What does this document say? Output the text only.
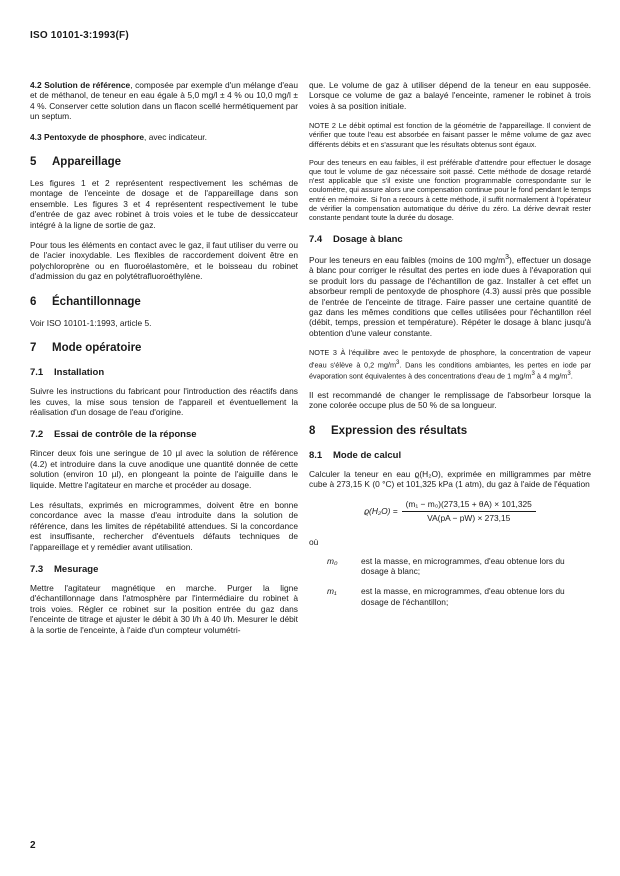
ISO 10101-3:1993(F)

4.2 Solution de référence, composée par exemple d'un mélange d'eau et de méthanol, de teneur en eau égale à 5,0 mg/l ± 4 % ou 10,0 mg/l ± 4 %. Conserver cette solution dans un flacon scellé hermétiquement par un septum.

4.3 Pentoxyde de phosphore, avec indicateur.

5 Appareillage

Les figures 1 et 2 représentent respectivement les schémas de montage de l'enceinte de dosage et de l'appareillage dans son ensemble. Les figures 3 et 4 représentent respectivement le tube d'entrée de gaz avec robinet à trois voies et le tube de dessiccateur intégré à la ligne de sortie de gaz.

Pour tous les éléments en contact avec le gaz, il faut utiliser du verre ou de l'acier inoxydable. Les flexibles de raccordement doivent être en polychloroprène ou en fluoroélastomère, et le boisseau du robinet d'admission du gaz en polytétrafluoroéthylène.

6 Échantillonnage

Voir ISO 10101-1:1993, article 5.

7 Mode opératoire
7.1 Installation

Suivre les instructions du fabricant pour l'introduction des réactifs dans les cuves, la mise sous tension de l'appareil et éventuellement la réalisation d'un dosage de l'eau d'origine.

7.2 Essai de contrôle de la réponse

Rincer deux fois une seringue de 10 µl avec la solution de référence (4.2) et introduire dans la cuve anodique une quantité donnée de cette solution (environ 10 µl), en plongeant la pointe de l'aiguille dans le liquide. Mettre l'agitateur en marche et procéder au dosage.

Les résultats, exprimés en microgrammes, doivent être en bonne concordance avec la masse d'eau introduite dans la solution de référence, dans les limites de répétabilité attendues. Si la concordance est insuffisante, rechercher d'éventuels défauts techniques de l'appareillage et y remédier avant utilisation.

7.3 Mesurage

Mettre l'agitateur magnétique en marche. Purger la ligne d'échantillonnage dans l'atmosphère par l'intermédiaire du robinet à trois voies. Régler ce robinet sur la position entrée du gaz dans l'enceinte de titrage et ajuster le débit à 30 l/h à 40 l/h. Mesurer le débit à la sortie de l'enceinte, à l'aide d'un compteur volumétri-

que. Le volume de gaz à utiliser dépend de la teneur en eau supposée. Lorsque ce volume de gaz a balayé l'enceinte, ramener le robinet à trois voies à sa position initiale.

NOTE 2 Le débit optimal est fonction de la géométrie de l'appareillage. Il convient de vérifier que toute l'eau est absorbée en faisant passer le même volume de gaz avec différents débits et en s'assurant que les résultats obtenus sont égaux.

Pour des teneurs en eau faibles, il est préférable d'attendre pour effectuer le dosage que tout le volume de gaz nécessaire soit passé. Cette méthode de dosage retardé n'est applicable que s'il existe une fonction programmable correspondante sur le coulomètre, qui assure alors une compensation continue pour le fond pendant le temps entré en mémoire. Si l'on a recours à cette méthode, il suffit normalement à l'opérateur de vérifier la compensation automatique du dérive du zéro. La dérive devrait rester constante pendant toute la durée du dosage.

7.4 Dosage à blanc

Pour les teneurs en eau faibles (moins de 100 $mg/m^3$), effectuer un dosage à blanc pour corriger le résultat des pertes en iode dues à l'évaporation qui se produit lors du passage de l'échantillon de gaz. Installer à cet effet un absorbeur rempli de pentoxyde de phosphore (4.3) aussi près que possible de l'entrée de l'enceinte de titrage. Faire passer une certaine quantité de gaz dans les mêmes conditions que celles utilisées pour l'échantillon réel (débit, temps, pression et température). Répéter le dosage à blanc jusqu'à obtention d'une valeur constante.

NOTE 3 À l'équilibre avec le pentoxyde de phosphore, la concentration de vapeur d'eau s'élève à 0,2 $mg/m^3$. Dans les conditions ambiantes, les pertes en iode par évaporation sont équivalentes à des concentrations d'eau de 1 $mg/m^3$ à 4 $mg/m^3$.

Il est recommandé de changer le remplissage de l'absorbeur lorsque la zone colorée occupe plus de 50 % de sa longueur.

8 Expression des résultats
8.1 Mode de calcul

Calculer la teneur en eau ϱ(H₂O), exprimée en milligrammes par mètre cube à 273,15 K (0 °C) et 101,325 kPa (1 atm), du gaz à l'aide de l'équation

$ϱ(H_2O) = \frac{\text{(m₁ − m₀)(273,15 + θA) × 101,325}}{VA(pA - pW) \times 273,15}$
où
m₀	est la masse, en microgrammes, d'eau obtenue lors du dosage à blanc;
m₁	est la masse, en microgrammes, d'eau obtenue lors du dosage de l'échantillon;
2
